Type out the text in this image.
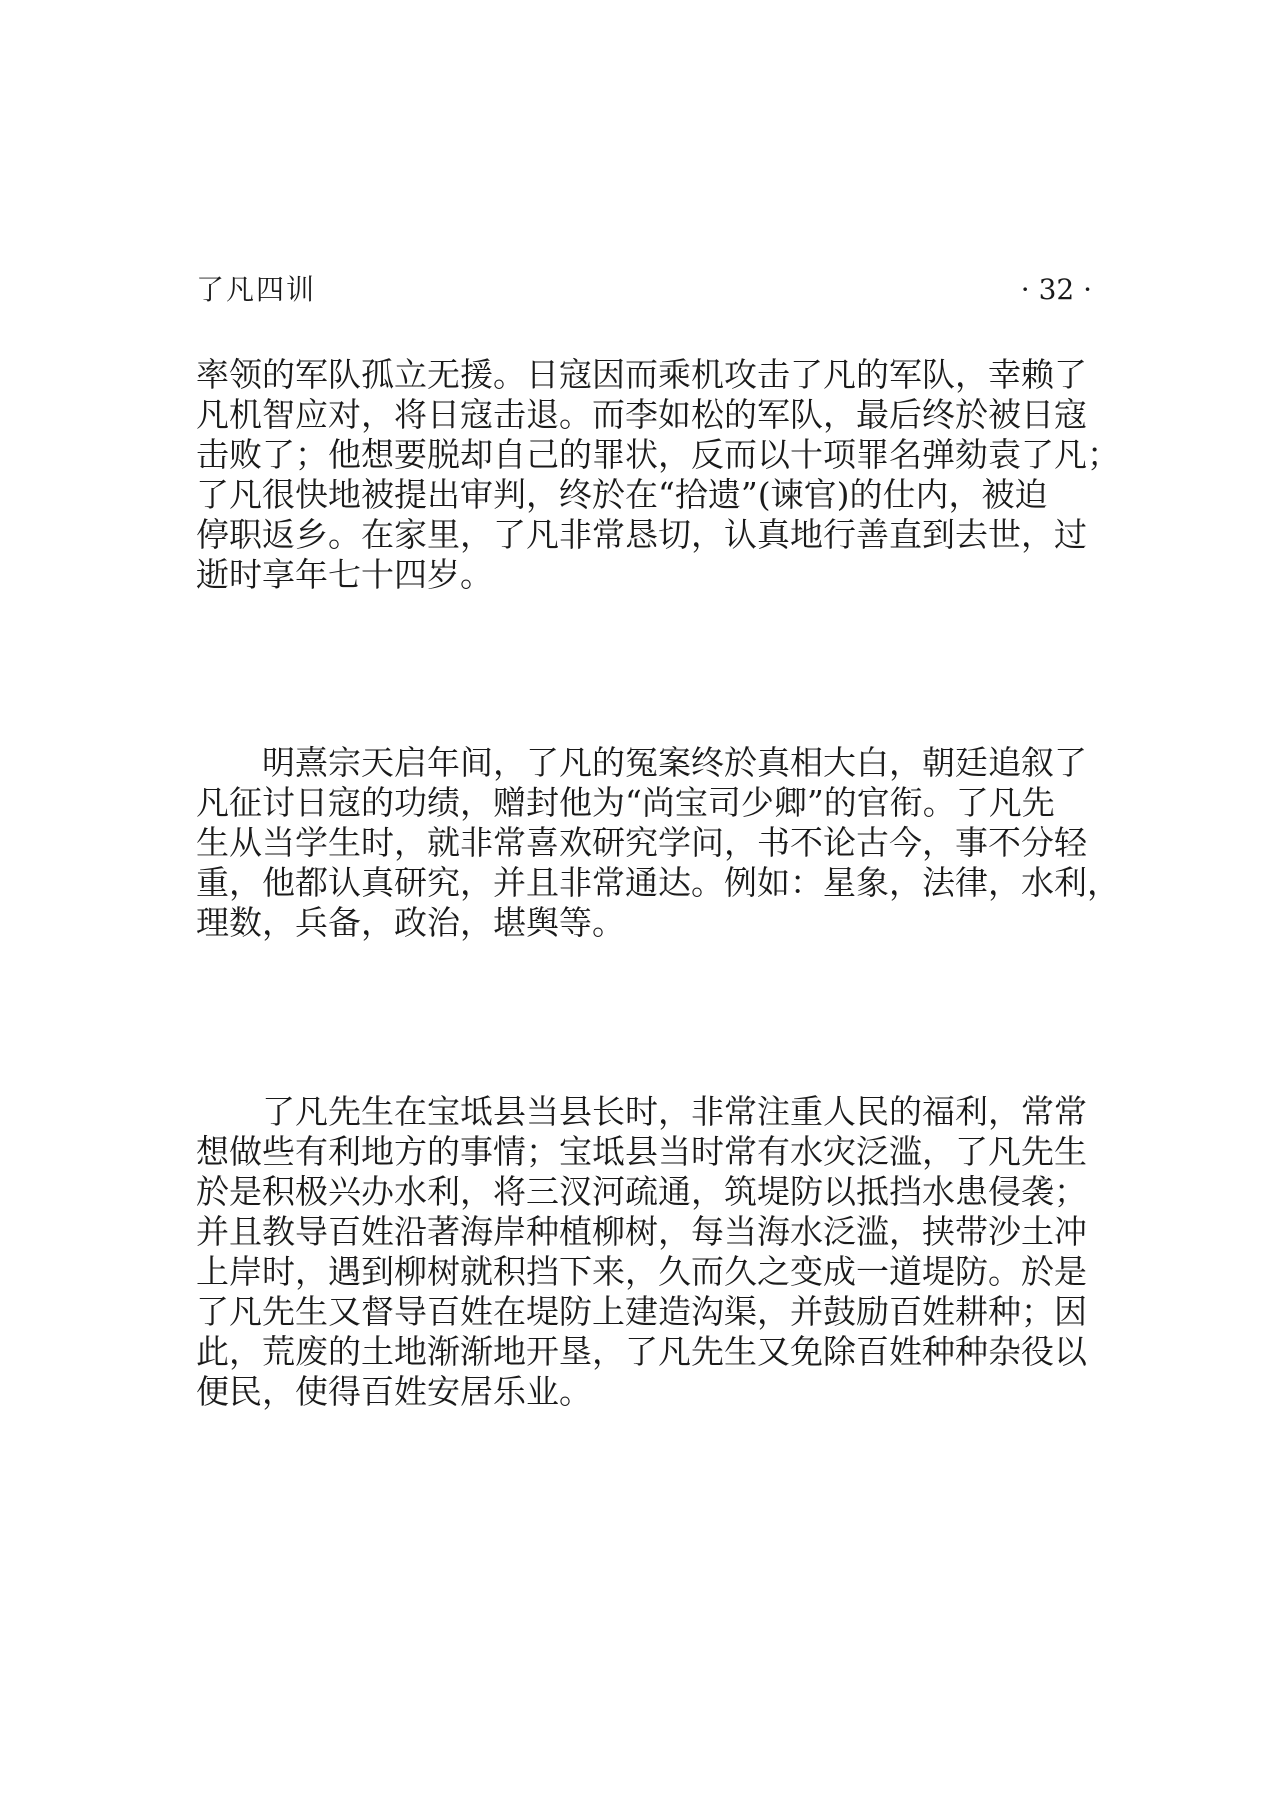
了凡四训	· 32 ·

率领的军队孤立无援。日寇因而乘机攻击了凡的军队，幸赖了
凡机智应对，将日寇击退。而李如松的军队，最后终於被日寇
击败了；他想要脱却自己的罪状，反而以十项罪名弹劾袁了凡；
了凡很快地被提出审判，终於在“拾遗”(谏官)的仕内，被迫
停职返乡。在家里，了凡非常恳切，认真地行善直到去世，过
逝时享年七十四岁。

明熹宗天启年间，了凡的冤案终於真相大白，朝廷追叙了
凡征讨日寇的功绩，赠封他为“尚宝司少卿”的官衔。了凡先
生从当学生时，就非常喜欢研究学问，书不论古今，事不分轻
重，他都认真研究，并且非常通达。例如：星象，法律，水利，
理数，兵备，政治，堪舆等。

了凡先生在宝坻县当县长时，非常注重人民的福利，常常
想做些有利地方的事情；宝坻县当时常有水灾泛滥，了凡先生
於是积极兴办水利，将三汊河疏通，筑堤防以抵挡水患侵袭；
并且教导百姓沿著海岸种植柳树，每当海水泛滥，挟带沙土冲
上岸时，遇到柳树就积挡下来，久而久之变成一道堤防。於是
了凡先生又督导百姓在堤防上建造沟渠，并鼓励百姓耕种；因
此，荒废的土地渐渐地开垦，了凡先生又免除百姓种种杂役以
便民，使得百姓安居乐业。
